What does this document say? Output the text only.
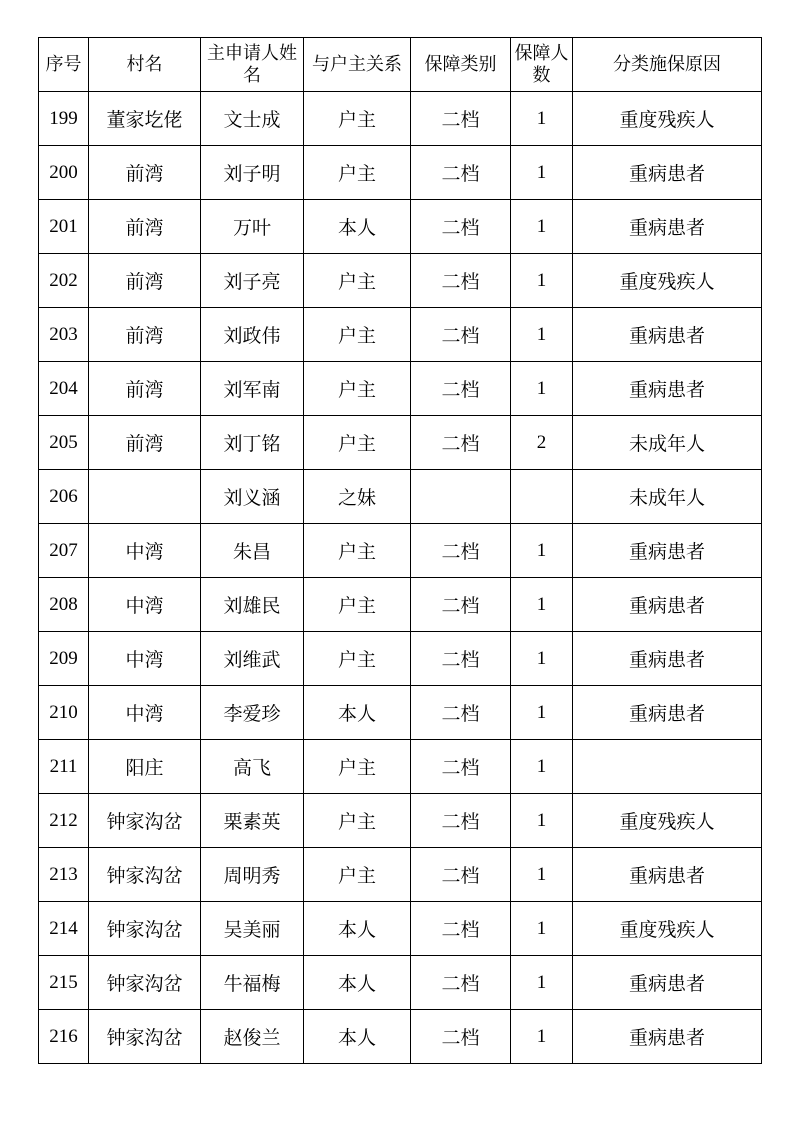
序号	村名	主申请人姓名	与户主关系	保障类别	保障人数	分类施保原因
199	董家圪佬	文士成	户主	二档	1	重度残疾人
200	前湾	刘子明	户主	二档	1	重病患者
201	前湾	万叶	本人	二档	1	重病患者
202	前湾	刘子亮	户主	二档	1	重度残疾人
203	前湾	刘政伟	户主	二档	1	重病患者
204	前湾	刘军南	户主	二档	1	重病患者
205	前湾	刘丁铭	户主	二档	2	未成年人
206		刘义涵	之妹			未成年人
207	中湾	朱昌	户主	二档	1	重病患者
208	中湾	刘雄民	户主	二档	1	重病患者
209	中湾	刘维武	户主	二档	1	重病患者
210	中湾	李爱珍	本人	二档	1	重病患者
211	阳庄	高飞	户主	二档	1	
212	钟家沟岔	栗素英	户主	二档	1	重度残疾人
213	钟家沟岔	周明秀	户主	二档	1	重病患者
214	钟家沟岔	吴美丽	本人	二档	1	重度残疾人
215	钟家沟岔	牛福梅	本人	二档	1	重病患者
216	钟家沟岔	赵俊兰	本人	二档	1	重病患者
